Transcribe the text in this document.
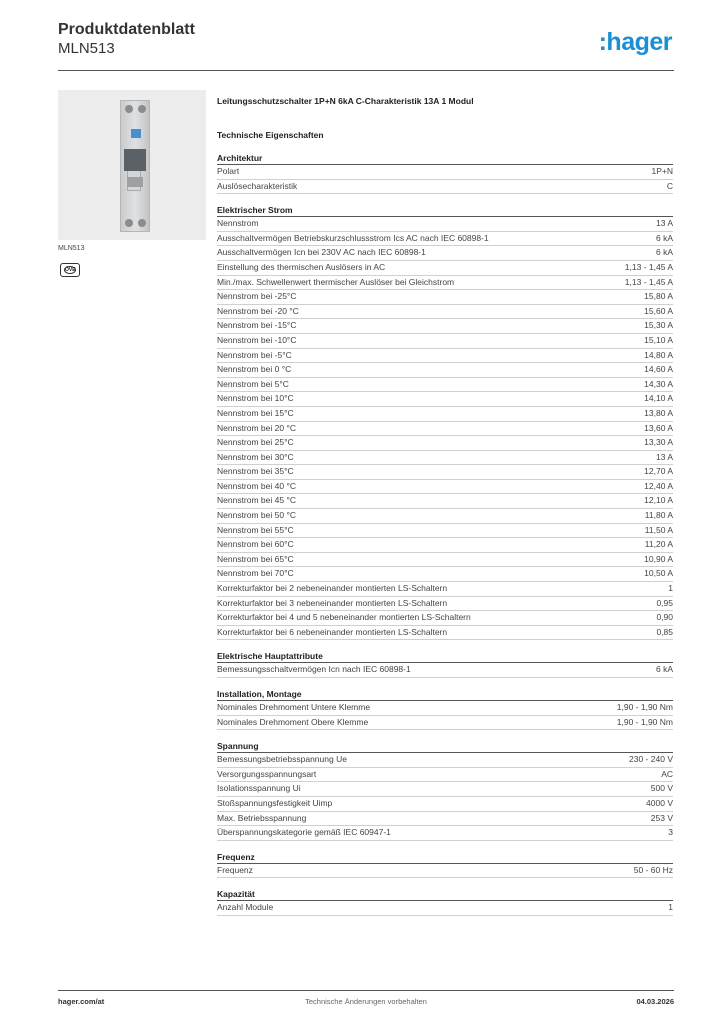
Produktdatenblatt
MLN513	:hager
MLN513
ÖVE
Leitungsschutzschalter 1P+N 6kA C-Charakteristik 13A 1 Modul
Technische Eigenschaften
Architektur
Polart	1P+N
Auslösecharakteristik	C
Elektrischer Strom
Nennstrom	13 A
Ausschaltvermögen Betriebskurzschlussstrom Ics AC nach IEC 60898-1	6 kA
Ausschaltvermögen Icn bei 230V AC nach IEC 60898-1	6 kA
Einstellung des thermischen Auslösers in AC	1,13 - 1,45 A
Min./max. Schwellenwert thermischer Auslöser bei Gleichstrom	1,13 - 1,45 A
Nennstrom bei -25°C	15,80 A
Nennstrom bei -20 °C	15,60 A
Nennstrom bei -15°C	15,30 A
Nennstrom bei -10°C	15,10 A
Nennstrom bei -5°C	14,80 A
Nennstrom bei 0 °C	14,60 A
Nennstrom bei 5°C	14,30 A
Nennstrom bei 10°C	14,10 A
Nennstrom bei 15°C	13,80 A
Nennstrom bei 20 °C	13,60 A
Nennstrom bei 25°C	13,30 A
Nennstrom bei 30°C	13 A
Nennstrom bei 35°C	12,70 A
Nennstrom bei 40 °C	12,40 A
Nennstrom bei 45 °C	12,10 A
Nennstrom bei 50 °C	11,80 A
Nennstrom bei 55°C	11,50 A
Nennstrom bei 60°C	11,20 A
Nennstrom bei 65°C	10,90 A
Nennstrom bei 70°C	10,50 A
Korrekturfaktor bei 2 nebeneinander montierten LS-Schaltern	1
Korrekturfaktor bei 3 nebeneinander montierten LS-Schaltern	0,95
Korrekturfaktor bei 4 und 5 nebeneinander montierten LS-Schaltern	0,90
Korrekturfaktor bei 6 nebeneinander montierten LS-Schaltern	0,85
Elektrische Hauptattribute
Bemessungsschaltvermögen Icn nach IEC 60898-1	6 kA
Installation, Montage
Nominales Drehmoment Untere Klemme	1,90 - 1,90 Nm
Nominales Drehmoment Obere Klemme	1,90 - 1,90 Nm
Spannung
Bemessungsbetriebsspannung Ue	230 - 240 V
Versorgungsspannungsart	AC
Isolationsspannung Ui	500 V
Stoßspannungsfestigkeit Uimp	4000 V
Max. Betriebsspannung	253 V
Überspannungskategorie gemäß IEC 60947-1	3
Frequenz
Frequenz	50 - 60 Hz
Kapazität
Anzahl Module	1
hager.com/at	Technische Änderungen vorbehalten	04.03.2026
